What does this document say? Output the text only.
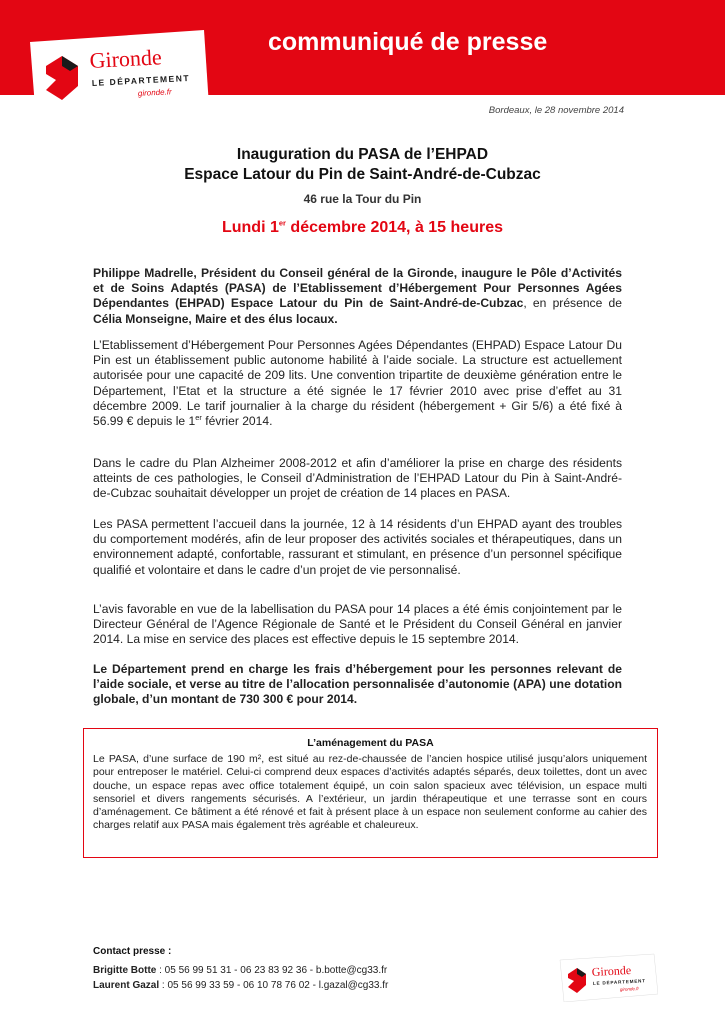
communiqué de presse
Gironde
LE DÉPARTEMENT
gironde.fr
Bordeaux, le 28 novembre 2014
Inauguration du PASA de l’EHPAD
Espace Latour du Pin de Saint-André-de-Cubzac
46 rue la Tour du Pin
Lundi 1er décembre 2014, à 15 heures
Philippe Madrelle, Président du Conseil général de la Gironde, inaugure le Pôle d’Activités et de Soins Adaptés (PASA) de l’Etablissement d’Hébergement Pour Personnes Agées Dépendantes (EHPAD) Espace Latour du Pin de Saint-André-de-Cubzac, en présence de Célia Monseigne, Maire et des élus locaux.
L’Etablissement d’Hébergement Pour Personnes Agées Dépendantes (EHPAD) Espace Latour Du Pin est un établissement public autonome habilité à l’aide sociale. La structure est actuellement autorisée pour une capacité de 209 lits. Une convention tripartite de deuxième génération entre le Département, l’Etat et la structure a été signée le 17 février 2010 avec prise d’effet au 31 décembre 2009. Le tarif journalier à la charge du résident (hébergement + Gir 5/6) a été fixé à 56.99 € depuis le 1er février 2014.
Dans le cadre du Plan Alzheimer 2008-2012 et afin d’améliorer la prise en charge des résidents atteints de ces pathologies, le Conseil d’Administration de l’EHPAD Latour du Pin à Saint-André-de-Cubzac souhaitait développer un projet de création de 14 places en PASA.
Les PASA permettent l’accueil dans la journée, 12 à 14 résidents d’un EHPAD ayant des troubles du comportement modérés, afin de leur proposer des activités sociales et thérapeutiques, dans un environnement adapté, confortable, rassurant et stimulant, en présence d’un personnel spécifique qualifié et volontaire et dans le cadre d’un projet de vie personnalisé.
L’avis favorable en vue de la labellisation du PASA pour 14 places a été émis conjointement par le Directeur Général de l’Agence Régionale de Santé et le Président du Conseil Général en janvier 2014. La mise en service des places est effective depuis le 15 septembre 2014.
Le Département prend en charge les frais d’hébergement pour les personnes relevant de l’aide sociale, et verse au titre de l’allocation personnalisée d’autonomie (APA) une dotation globale, d’un montant de 730 300 € pour 2014.
L’aménagement du PASA
Le PASA, d’une surface de 190 m², est situé au rez-de-chaussée de l’ancien hospice utilisé jusqu’alors uniquement pour entreposer le matériel. Celui-ci comprend deux espaces d’activités adaptés séparés, deux toilettes, dont un avec douche, un espace repas avec office totalement équipé, un coin salon spacieux avec télévision, un espace multi sensoriel et divers rangements sécurisés. A l’extérieur, un jardin thérapeutique et une terrasse sont en cours d’aménagement. Ce bâtiment a été rénové et fait à présent place à un espace non seulement conforme au cahier des charges relatif aux PASA mais également très agréable et chaleureux.
Contact presse :
Brigitte Botte : 05 56 99 51 31 - 06 23 83 92 36 - b.botte@cg33.fr
Laurent Gazal : 05 56 99 33 59 - 06 10 78 76 02 - l.gazal@cg33.fr
Gironde
LE DÉPARTEMENT
gironde.fr
